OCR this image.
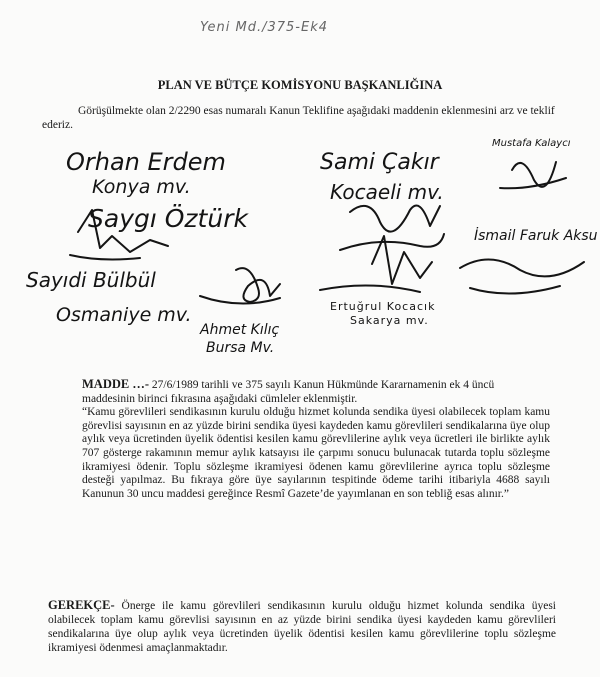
Yeni Md./375-Ek4
PLAN VE BÜTÇE KOMİSYONU BAŞKANLIĞINA
Görüşülmekte olan 2/2290 esas numaralı Kanun Teklifine aşağıdaki maddenin eklenmesini arz ve teklif ederiz.
Orhan Erdem
Konya mv.
Saygı Öztürk
Sayıdi Bülbül
Osmaniye mv.
Ahmet Kılıç
Bursa Mv.
Sami Çakır
Kocaeli mv.
Mustafa Kalaycı
İsmail Faruk Aksu
Ertuğrul Kocacık
Sakarya mv.

MADDE …- 27/6/1989 tarihli ve 375 sayılı Kanun Hükmünde Kararnamenin ek 4 üncü maddesinin birinci fıkrasına aşağıdaki cümleler eklenmiştir.

“Kamu görevlileri sendikasının kurulu olduğu hizmet kolunda sendika üyesi olabilecek toplam kamu görevlisi sayısının en az yüzde birini sendika üyesi kaydeden kamu görevlileri sendikalarına üye olup aylık veya ücretinden üyelik ödentisi kesilen kamu görevlilerine aylık veya ücretleri ile birlikte aylık 707 gösterge rakamının memur aylık katsayısı ile çarpımı sonucu bulunacak tutarda toplu sözleşme ikramiyesi ödenir. Toplu sözleşme ikramiyesi ödenen kamu görevlilerine ayrıca toplu sözleşme desteği yapılmaz. Bu fıkraya göre üye sayılarının tespitinde ödeme tarihi itibariyla 4688 sayılı Kanunun 30 uncu maddesi gereğince Resmî Gazete’de yayımlanan en son tebliğ esas alınır.”

GEREKÇE- Önerge ile kamu görevlileri sendikasının kurulu olduğu hizmet kolunda sendika üyesi olabilecek toplam kamu görevlisi sayısının en az yüzde birini sendika üyesi kaydeden kamu görevlileri sendikalarına üye olup aylık veya ücretinden üyelik ödentisi kesilen kamu görevlilerine toplu sözleşme ikramiyesi ödenmesi amaçlanmaktadır.
